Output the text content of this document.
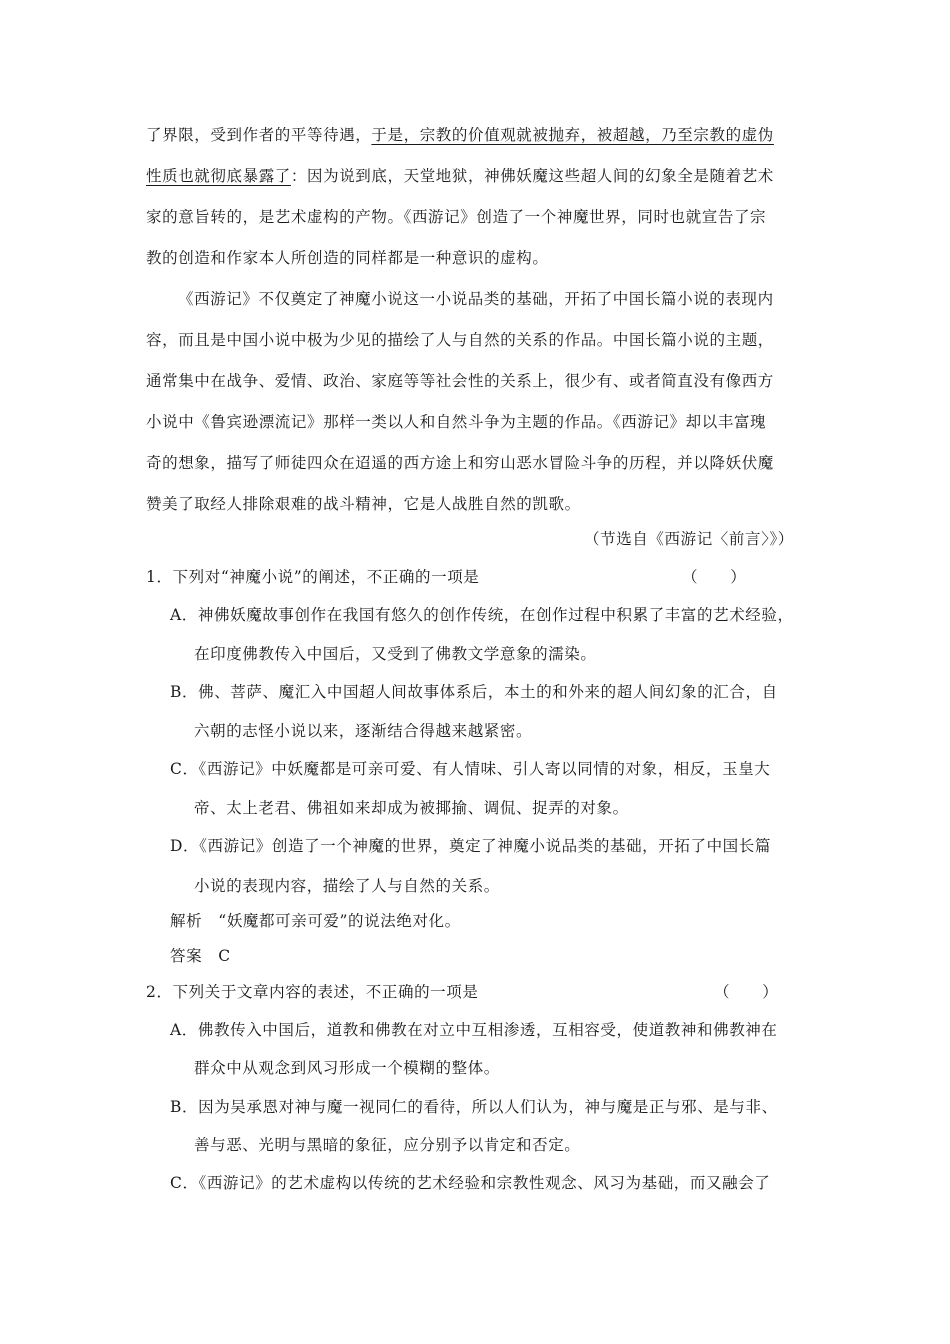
了界限，受到作者的平等待遇，于是，宗教的价值观就被抛弃，被超越，乃至宗教的虚伪
性质也就彻底暴露了：因为说到底，天堂地狱，神佛妖魔这些超人间的幻象全是随着艺术
家的意旨转的，是艺术虚构的产物。《西游记》创造了一个神魔世界，同时也就宣告了宗
教的创造和作家本人所创造的同样都是一种意识的虚构。
《西游记》不仅奠定了神魔小说这一小说品类的基础，开拓了中国长篇小说的表现内
容，而且是中国小说中极为少见的描绘了人与自然的关系的作品。中国长篇小说的主题，
通常集中在战争、爱情、政治、家庭等等社会性的关系上，很少有、或者简直没有像西方
小说中《鲁宾逊漂流记》那样一类以人和自然斗争为主题的作品。《西游记》却以丰富瑰
奇的想象，描写了师徒四众在迢遥的西方途上和穷山恶水冒险斗争的历程，并以降妖伏魔
赞美了取经人排除艰难的战斗精神，它是人战胜自然的凯歌。
（节选自《西游记〈前言〉》）
1．下列对“神魔小说”的阐述，不正确的一项是	（　　）
A．神佛妖魔故事创作在我国有悠久的创作传统，在创作过程中积累了丰富的艺术经验，
在印度佛教传入中国后，又受到了佛教文学意象的濡染。
B．佛、菩萨、魔汇入中国超人间故事体系后，本土的和外来的超人间幻象的汇合，自
六朝的志怪小说以来，逐渐结合得越来越紧密。
C．《西游记》中妖魔都是可亲可爱、有人情味、引人寄以同情的对象，相反，玉皇大
帝、太上老君、佛祖如来却成为被揶揄、调侃、捉弄的对象。
D．《西游记》创造了一个神魔的世界，奠定了神魔小说品类的基础，开拓了中国长篇
小说的表现内容，描绘了人与自然的关系。
解析　“妖魔都可亲可爱”的说法绝对化。
答案　C
2．下列关于文章内容的表述，不正确的一项是	（　　）
A．佛教传入中国后，道教和佛教在对立中互相渗透，互相容受，使道教神和佛教神在
群众中从观念到风习形成一个模糊的整体。
B．因为吴承恩对神与魔一视同仁的看待，所以人们认为，神与魔是正与邪、是与非、
善与恶、光明与黑暗的象征，应分别予以肯定和否定。
C．《西游记》的艺术虚构以传统的艺术经验和宗教性观念、风习为基础，而又融会了
